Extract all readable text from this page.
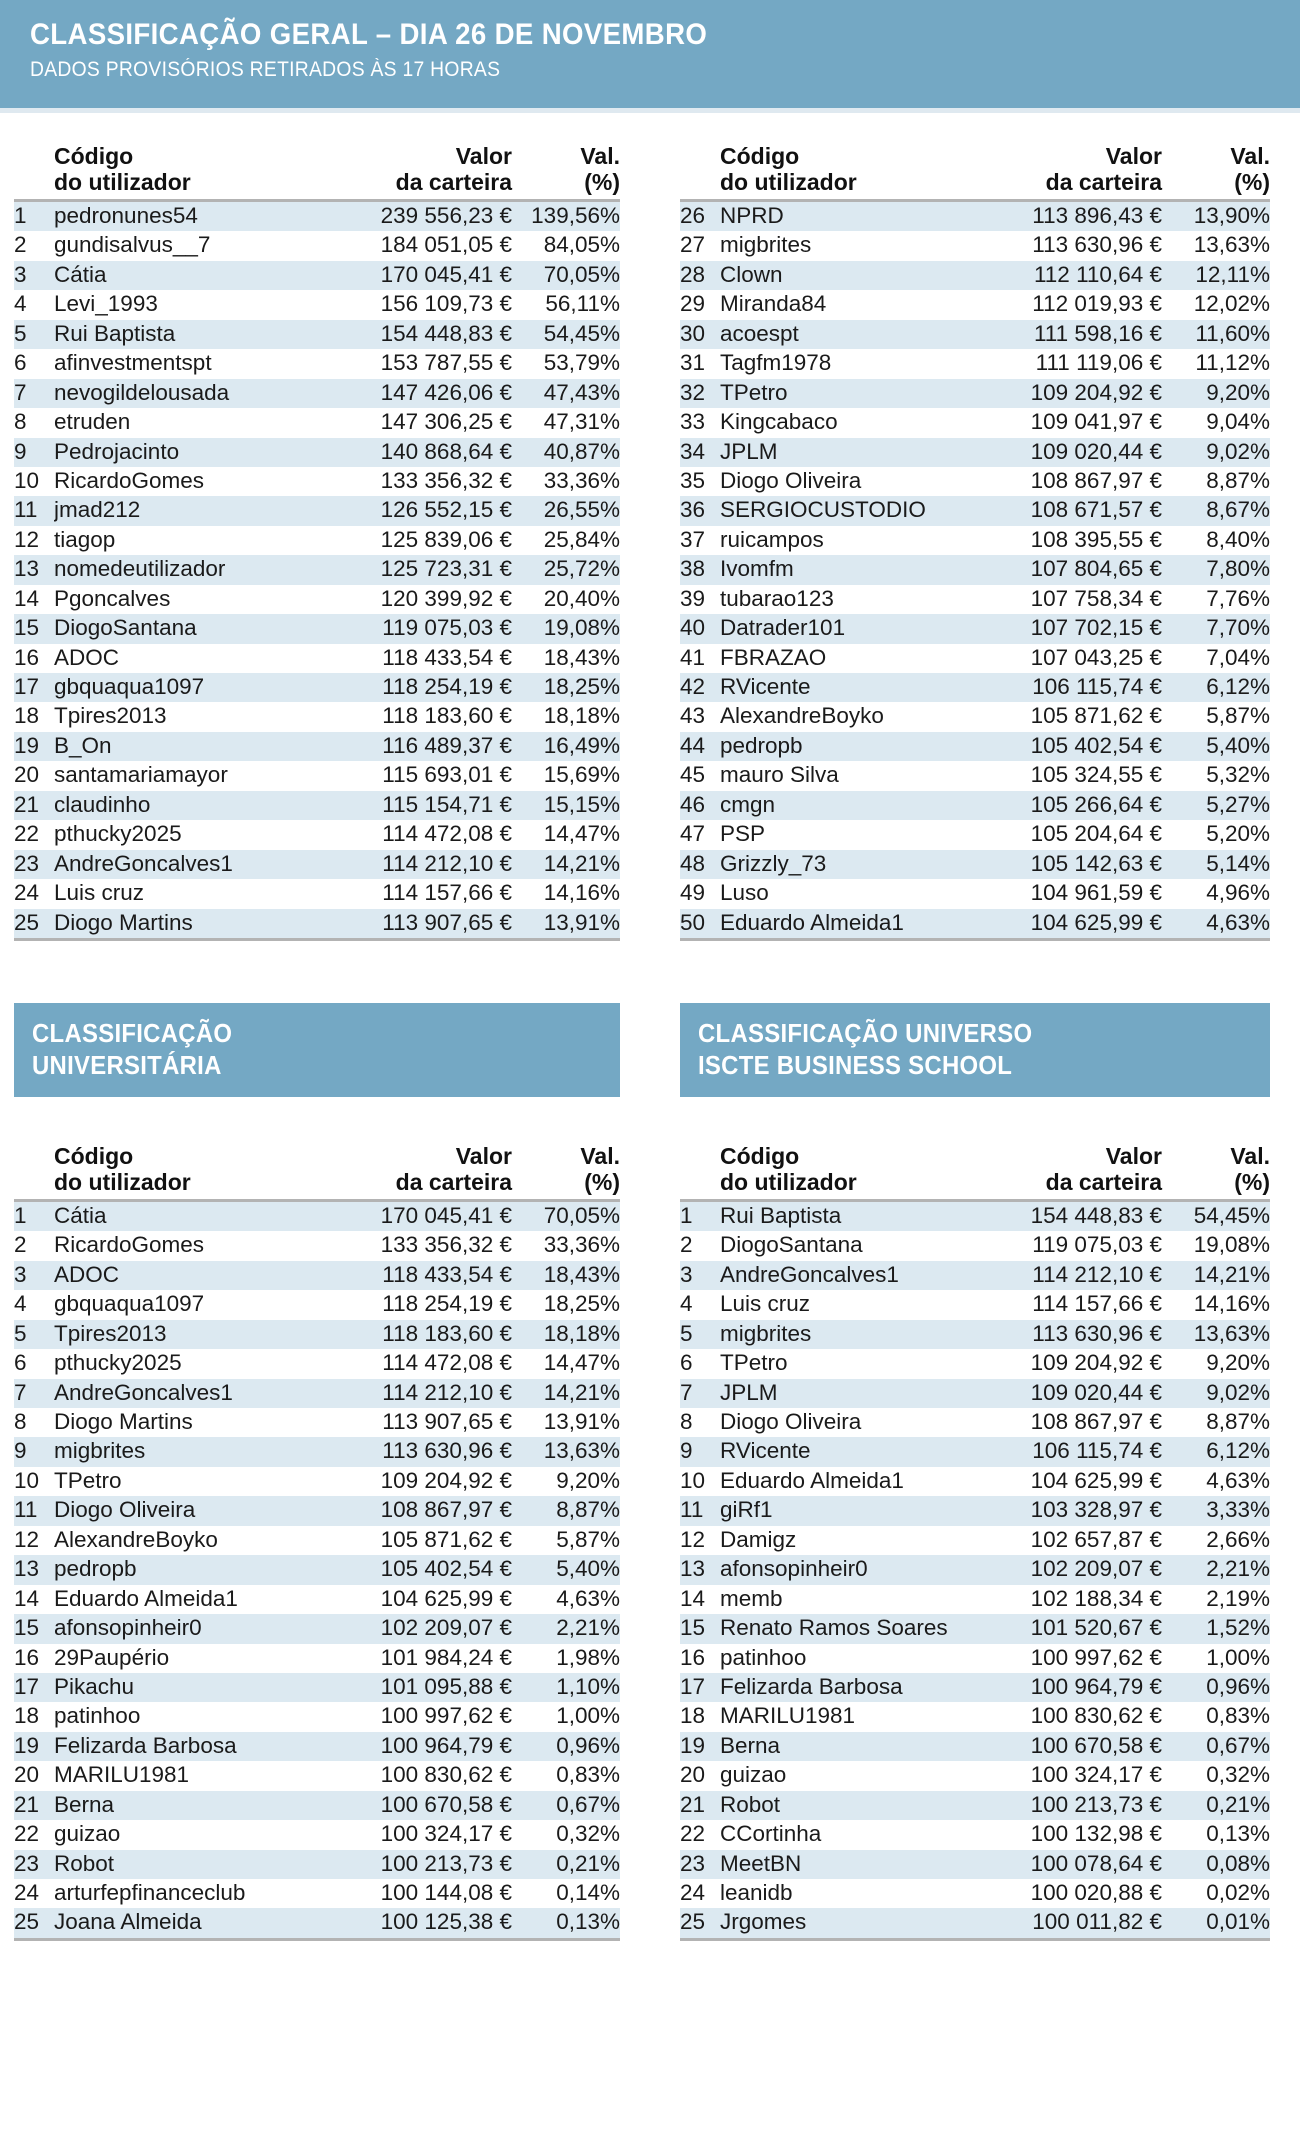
CLASSIFICAÇÃO GERAL – DIA 26 DE NOVEMBRO
DADOS PROVISÓRIOS RETIRADOS ÀS 17 HORAS

Código
do utilizador

Valor
da carteira

Val.
(%)
1	pedronunes54	239 556,23 €	139,56%
2	gundisalvus__7	184 051,05 €	84,05%
3	Cátia	170 045,41 €	70,05%
4	Levi_1993	156 109,73 €	56,11%
5	Rui Baptista	154 448,83 €	54,45%
6	afinvestmentspt	153 787,55 €	53,79%
7	nevogildelousada	147 426,06 €	47,43%
8	etruden	147 306,25 €	47,31%
9	Pedrojacinto	140 868,64 €	40,87%
10	RicardoGomes	133 356,32 €	33,36%
11	jmad212	126 552,15 €	26,55%
12	tiagop	125 839,06 €	25,84%
13	nomedeutilizador	125 723,31 €	25,72%
14	Pgoncalves	120 399,92 €	20,40%
15	DiogoSantana	119 075,03 €	19,08%
16	ADOC	118 433,54 €	18,43%
17	gbquaqua1097	118 254,19 €	18,25%
18	Tpires2013	118 183,60 €	18,18%
19	B_On	116 489,37 €	16,49%
20	santamariamayor	115 693,01 €	15,69%
21	claudinho	115 154,71 €	15,15%
22	pthucky2025	114 472,08 €	14,47%
23	AndreGoncalves1	114 212,10 €	14,21%
24	Luis cruz	114 157,66 €	14,16%
25	Diogo Martins	113 907,65 €	13,91%

Código
do utilizador

Valor
da carteira

Val.
(%)
26	NPRD	113 896,43 €	13,90%
27	migbrites	113 630,96 €	13,63%
28	Clown	112 110,64 €	12,11%
29	Miranda84	112 019,93 €	12,02%
30	acoespt	111 598,16 €	11,60%
31	Tagfm1978	111 119,06 €	11,12%
32	TPetro	109 204,92 €	9,20%
33	Kingcabaco	109 041,97 €	9,04%
34	JPLM	109 020,44 €	9,02%
35	Diogo Oliveira	108 867,97 €	8,87%
36	SERGIOCUSTODIO	108 671,57 €	8,67%
37	ruicampos	108 395,55 €	8,40%
38	Ivomfm	107 804,65 €	7,80%
39	tubarao123	107 758,34 €	7,76%
40	Datrader101	107 702,15 €	7,70%
41	FBRAZAO	107 043,25 €	7,04%
42	RVicente	106 115,74 €	6,12%
43	AlexandreBoyko	105 871,62 €	5,87%
44	pedropb	105 402,54 €	5,40%
45	mauro Silva	105 324,55 €	5,32%
46	cmgn	105 266,64 €	5,27%
47	PSP	105 204,64 €	5,20%
48	Grizzly_73	105 142,63 €	5,14%
49	Luso	104 961,59 €	4,96%
50	Eduardo Almeida1	104 625,99 €	4,63%
CLASSIFICAÇÃO
UNIVERSITÁRIA
CLASSIFICAÇÃO UNIVERSO
ISCTE BUSINESS SCHOOL

Código
do utilizador

Valor
da carteira

Val.
(%)
1	Cátia	170 045,41 €	70,05%
2	RicardoGomes	133 356,32 €	33,36%
3	ADOC	118 433,54 €	18,43%
4	gbquaqua1097	118 254,19 €	18,25%
5	Tpires2013	118 183,60 €	18,18%
6	pthucky2025	114 472,08 €	14,47%
7	AndreGoncalves1	114 212,10 €	14,21%
8	Diogo Martins	113 907,65 €	13,91%
9	migbrites	113 630,96 €	13,63%
10	TPetro	109 204,92 €	9,20%
11	Diogo Oliveira	108 867,97 €	8,87%
12	AlexandreBoyko	105 871,62 €	5,87%
13	pedropb	105 402,54 €	5,40%
14	Eduardo Almeida1	104 625,99 €	4,63%
15	afonsopinheir0	102 209,07 €	2,21%
16	29Paupério	101 984,24 €	1,98%
17	Pikachu	101 095,88 €	1,10%
18	patinhoo	100 997,62 €	1,00%
19	Felizarda Barbosa	100 964,79 €	0,96%
20	MARILU1981	100 830,62 €	0,83%
21	Berna	100 670,58 €	0,67%
22	guizao	100 324,17 €	0,32%
23	Robot	100 213,73 €	0,21%
24	arturfepfinanceclub	100 144,08 €	0,14%
25	Joana Almeida	100 125,38 €	0,13%

Código
do utilizador

Valor
da carteira

Val.
(%)
1	Rui Baptista	154 448,83 €	54,45%
2	DiogoSantana	119 075,03 €	19,08%
3	AndreGoncalves1	114 212,10 €	14,21%
4	Luis cruz	114 157,66 €	14,16%
5	migbrites	113 630,96 €	13,63%
6	TPetro	109 204,92 €	9,20%
7	JPLM	109 020,44 €	9,02%
8	Diogo Oliveira	108 867,97 €	8,87%
9	RVicente	106 115,74 €	6,12%
10	Eduardo Almeida1	104 625,99 €	4,63%
11	giRf1	103 328,97 €	3,33%
12	Damigz	102 657,87 €	2,66%
13	afonsopinheir0	102 209,07 €	2,21%
14	memb	102 188,34 €	2,19%
15	Renato Ramos Soares	101 520,67 €	1,52%
16	patinhoo	100 997,62 €	1,00%
17	Felizarda Barbosa	100 964,79 €	0,96%
18	MARILU1981	100 830,62 €	0,83%
19	Berna	100 670,58 €	0,67%
20	guizao	100 324,17 €	0,32%
21	Robot	100 213,73 €	0,21%
22	CCortinha	100 132,98 €	0,13%
23	MeetBN	100 078,64 €	0,08%
24	leanidb	100 020,88 €	0,02%
25	Jrgomes	100 011,82 €	0,01%
